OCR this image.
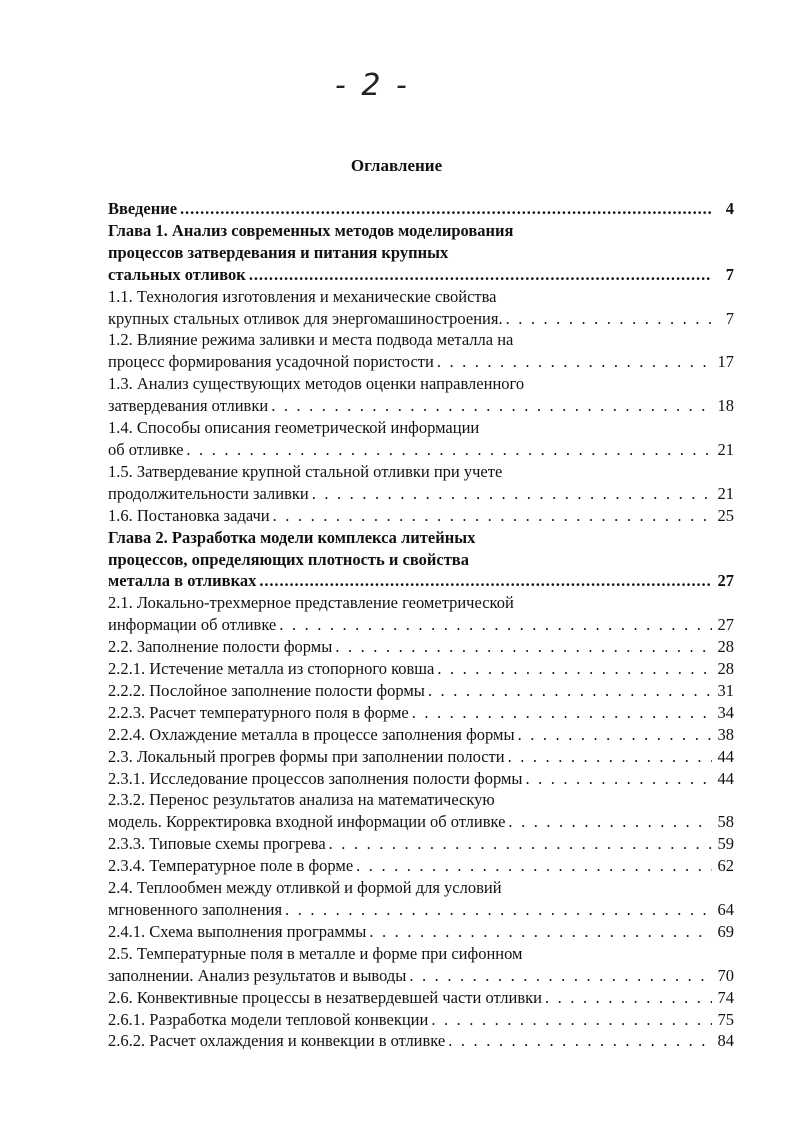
- 2 -
Оглавление
Введение .....	4
Глава 1. Анализ современных методов моделирования
процессов затвердевания и питания крупных
стальных отливок .....	7
1.1. Технология изготовления и механические свойства
крупных стальных отливок для энергомашиностроения. . . .	7
1.2. Влияние режима заливки и места подвода металла на
процесс формирования усадочной пористости . . .	17
1.3. Анализ существующих методов оценки направленного
затвердевания отливки . . .	18
1.4. Способы описания геометрической информации
об отливке . . .	21
1.5. Затвердевание крупной стальной отливки при учете
продолжительности заливки . . .	21
1.6. Постановка задачи . . .	25
Глава 2. Разработка модели комплекса литейных
процессов, определяющих плотность и свойства
металла в отливках .....	27
2.1. Локально-трехмерное представление геометрической
информации об отливке . . .	27
2.2. Заполнение полости формы . . .	28
2.2.1. Истечение металла из стопорного ковша . . .	28
2.2.2. Послойное заполнение полости формы . . .	31
2.2.3. Расчет температурного поля в форме . . .	34
2.2.4. Охлаждение металла в процессе заполнения формы . . .	38
2.3. Локальный прогрев формы при заполнении полости . . .	44
2.3.1. Исследование процессов заполнения полости формы . . .	44
2.3.2. Перенос результатов анализа на математическую
модель. Корректировка входной информации об отливке . . .	58
2.3.3. Типовые схемы прогрева . . .	59
2.3.4. Температурное поле в форме . . .	62
2.4. Теплообмен между отливкой и формой для условий
мгновенного заполнения . . .	64
2.4.1. Схема выполнения программы . . .	69
2.5. Температурные поля в металле и форме при сифонном
заполнении. Анализ результатов и выводы . . .	70
2.6. Конвективные процессы в незатвердевшей части отливки . . .	74
2.6.1. Разработка модели тепловой конвекции . . .	75
2.6.2. Расчет охлаждения и конвекции в отливке . . .	84
